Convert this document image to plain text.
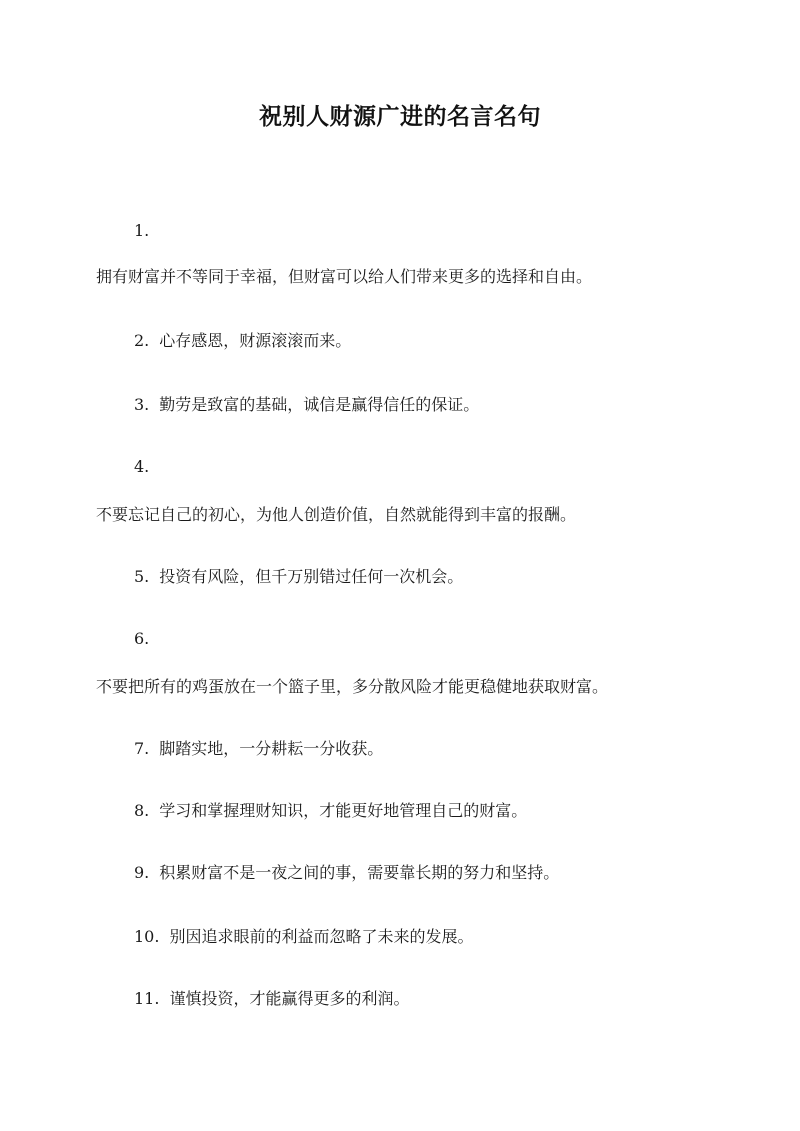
祝别人财源广进的名言名句
1.
拥有财富并不等同于幸福，但财富可以给人们带来更多的选择和自由。
2. 心存感恩，财源滚滚而来。
3. 勤劳是致富的基础，诚信是赢得信任的保证。
4.
不要忘记自己的初心，为他人创造价值，自然就能得到丰富的报酬。
5. 投资有风险，但千万别错过任何一次机会。
6.
不要把所有的鸡蛋放在一个篮子里，多分散风险才能更稳健地获取财富。
7. 脚踏实地，一分耕耘一分收获。
8. 学习和掌握理财知识，才能更好地管理自己的财富。
9. 积累财富不是一夜之间的事，需要靠长期的努力和坚持。
10. 别因追求眼前的利益而忽略了未来的发展。
11. 谨慎投资，才能赢得更多的利润。
